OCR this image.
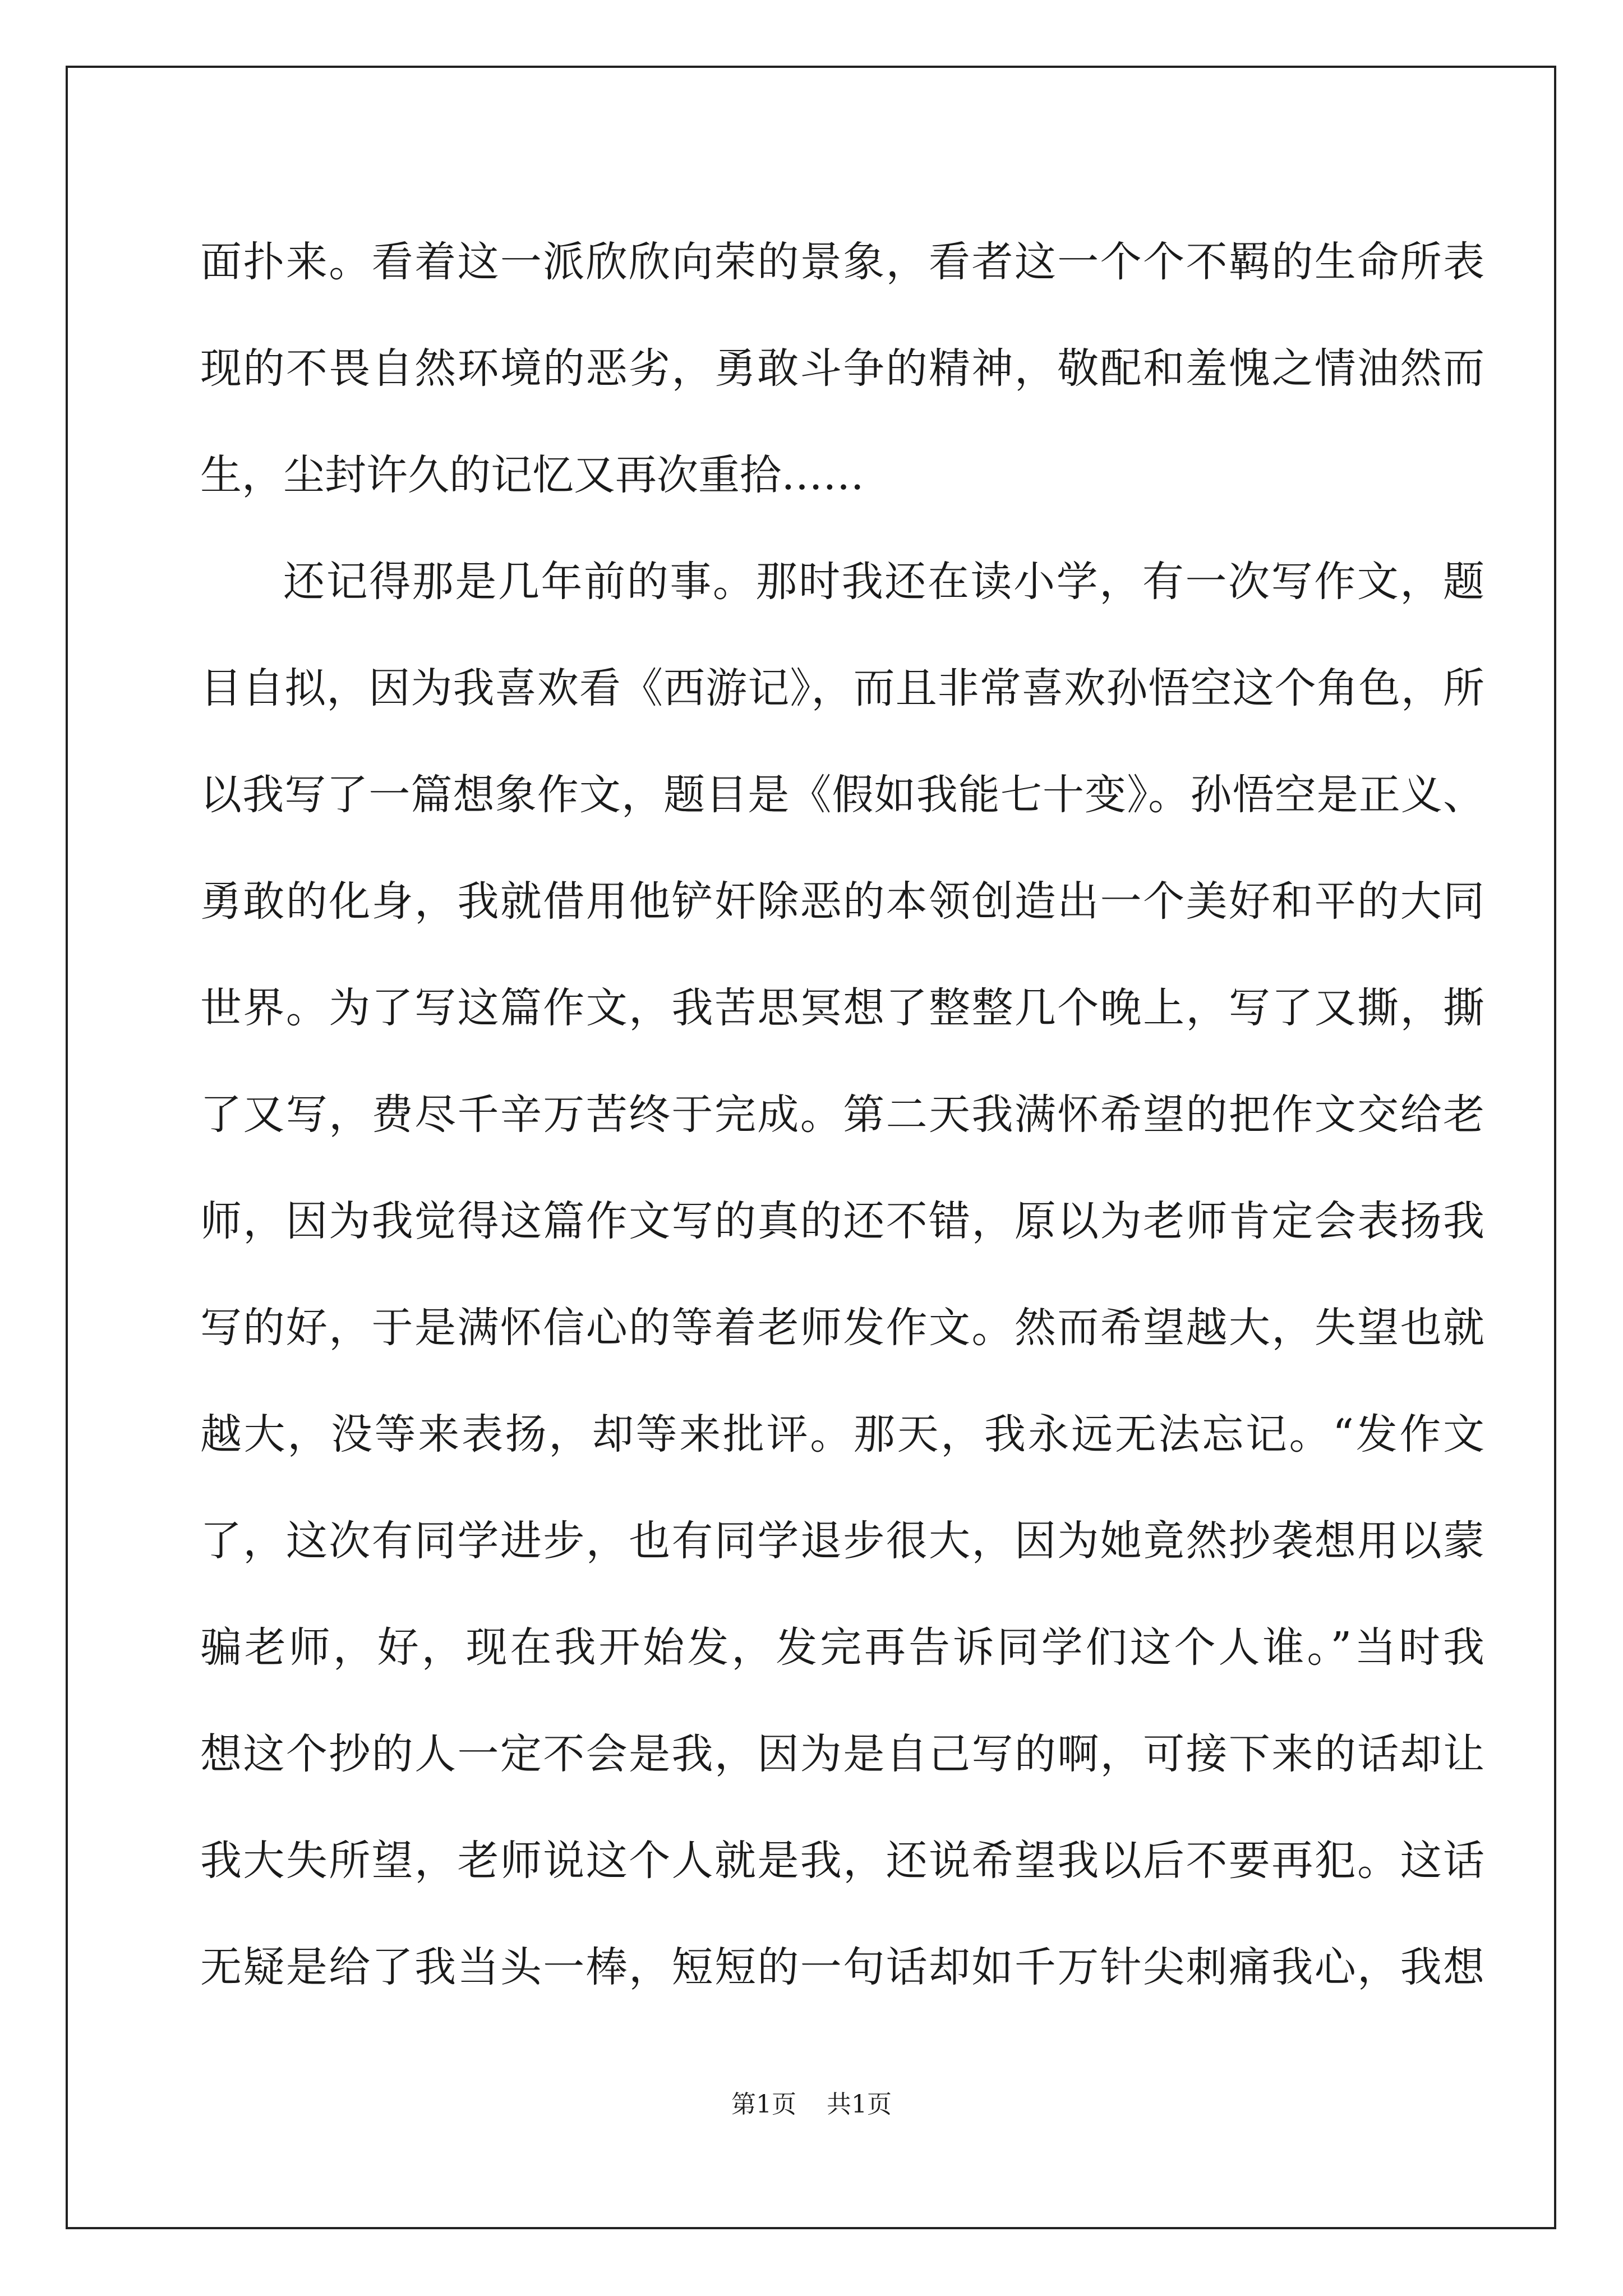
面扑来。看着这一派欣欣向荣的景象，看者这一个个不羁的生命所表
现的不畏自然环境的恶劣，勇敢斗争的精神，敬配和羞愧之情油然而
生，尘封许久的记忆又再次重拾……
还记得那是几年前的事。那时我还在读小学，有一次写作文，题
目自拟，因为我喜欢看《西游记》，而且非常喜欢孙悟空这个角色，所
以我写了一篇想象作文，题目是《假如我能七十变》。孙悟空是正义、
勇敢的化身，我就借用他铲奸除恶的本领创造出一个美好和平的大同
世界。为了写这篇作文，我苦思冥想了整整几个晚上，写了又撕，撕
了又写，费尽千辛万苦终于完成。第二天我满怀希望的把作文交给老
师，因为我觉得这篇作文写的真的还不错，原以为老师肯定会表扬我
写的好，于是满怀信心的等着老师发作文。然而希望越大，失望也就
越大，没等来表扬，却等来批评。那天，我永远无法忘记。“发作文
了，这次有同学进步，也有同学退步很大，因为她竟然抄袭想用以蒙
骗老师，好，现在我开始发，发完再告诉同学们这个人谁。”当时我
想这个抄的人一定不会是我，因为是自己写的啊，可接下来的话却让
我大失所望，老师说这个人就是我，还说希望我以后不要再犯。这话
无疑是给了我当头一棒，短短的一句话却如千万针尖刺痛我心，我想
第1页 共1页
